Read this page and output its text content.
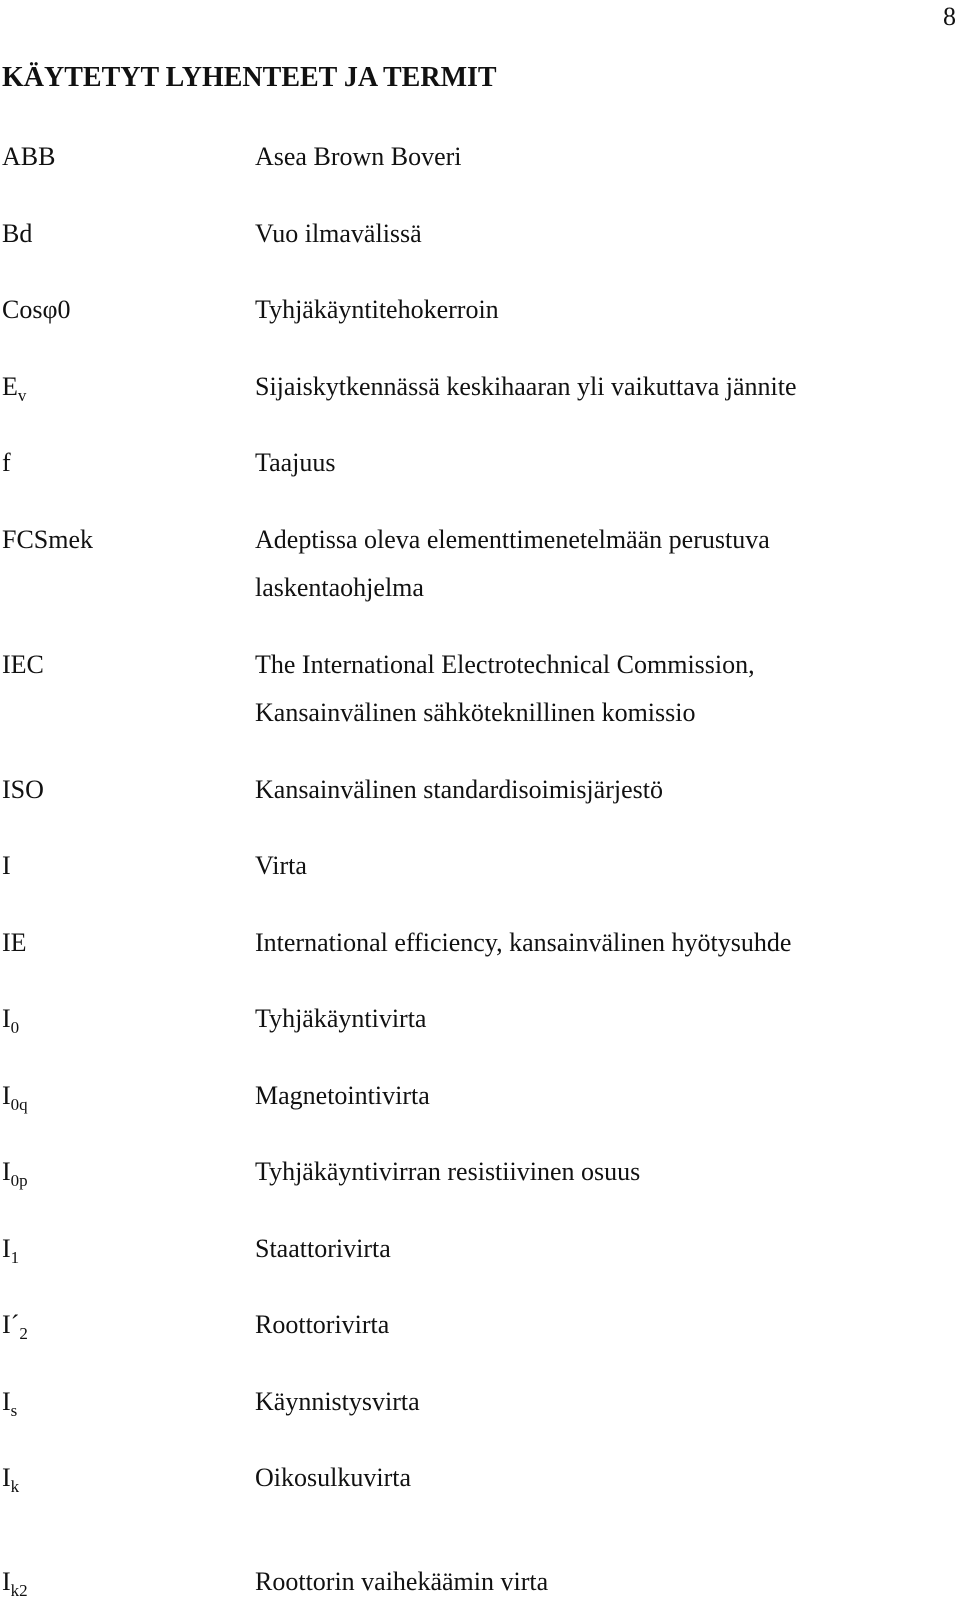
8
KÄYTETYT LYHENTEET JA TERMIT
ABB	Asea Brown Boveri
Bd	Vuo ilmavälissä
Cosφ0	Tyhjäkäyntitehokerroin
$E_v$	Sijaiskytkennässä keskihaaran yli vaikuttava jännite
f	Taajuus
FCSmek	Adeptissa oleva elementtimenetelmään perustuva
laskentaohjelma
IEC	The International Electrotechnical Commission,
Kansainvälinen sähköteknillinen komissio
ISO	Kansainvälinen standardisoimisjärjestö
I	Virta
IE	International efficiency, kansainvälinen hyötysuhde
$I_0$	Tyhjäkäyntivirta
$I_{0q}$	Magnetointivirta
$I_{0p}$	Tyhjäkäyntivirran resistiivinen osuus
$I_1$	Staattorivirta
$I´_2$	Roottorivirta
$I_s$	Käynnistysvirta
$I_k$	Oikosulkuvirta
$I_{k2}$	Roottorin vaihekäämin virta
